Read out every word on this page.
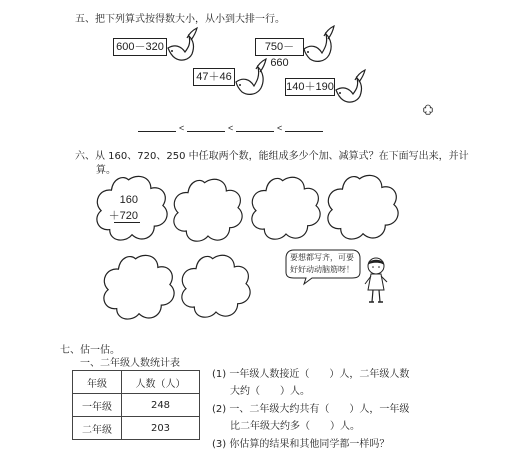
五、把下列算式按得数大小，从小到大排一行。
600－320	750－660
47＋46
140＋190
<	<	<
六、从 160、720、250 中任取两个数，能组成多少个加、减算式？在下面写出来，并计
算。
160
＋720
要想都写齐，可要
好好动动脑筋呀！
七、估一估。
一、二年级人数统计表
年级	人数（人）
一年级	248
二年级	203
(1) 一年级人数接近（　　）人，二年级人数
大约（　　）人。
(2) 一、二年级大约共有（　　）人，一年级
比二年级大约多（　　）人。
(3) 你估算的结果和其他同学都一样吗？
